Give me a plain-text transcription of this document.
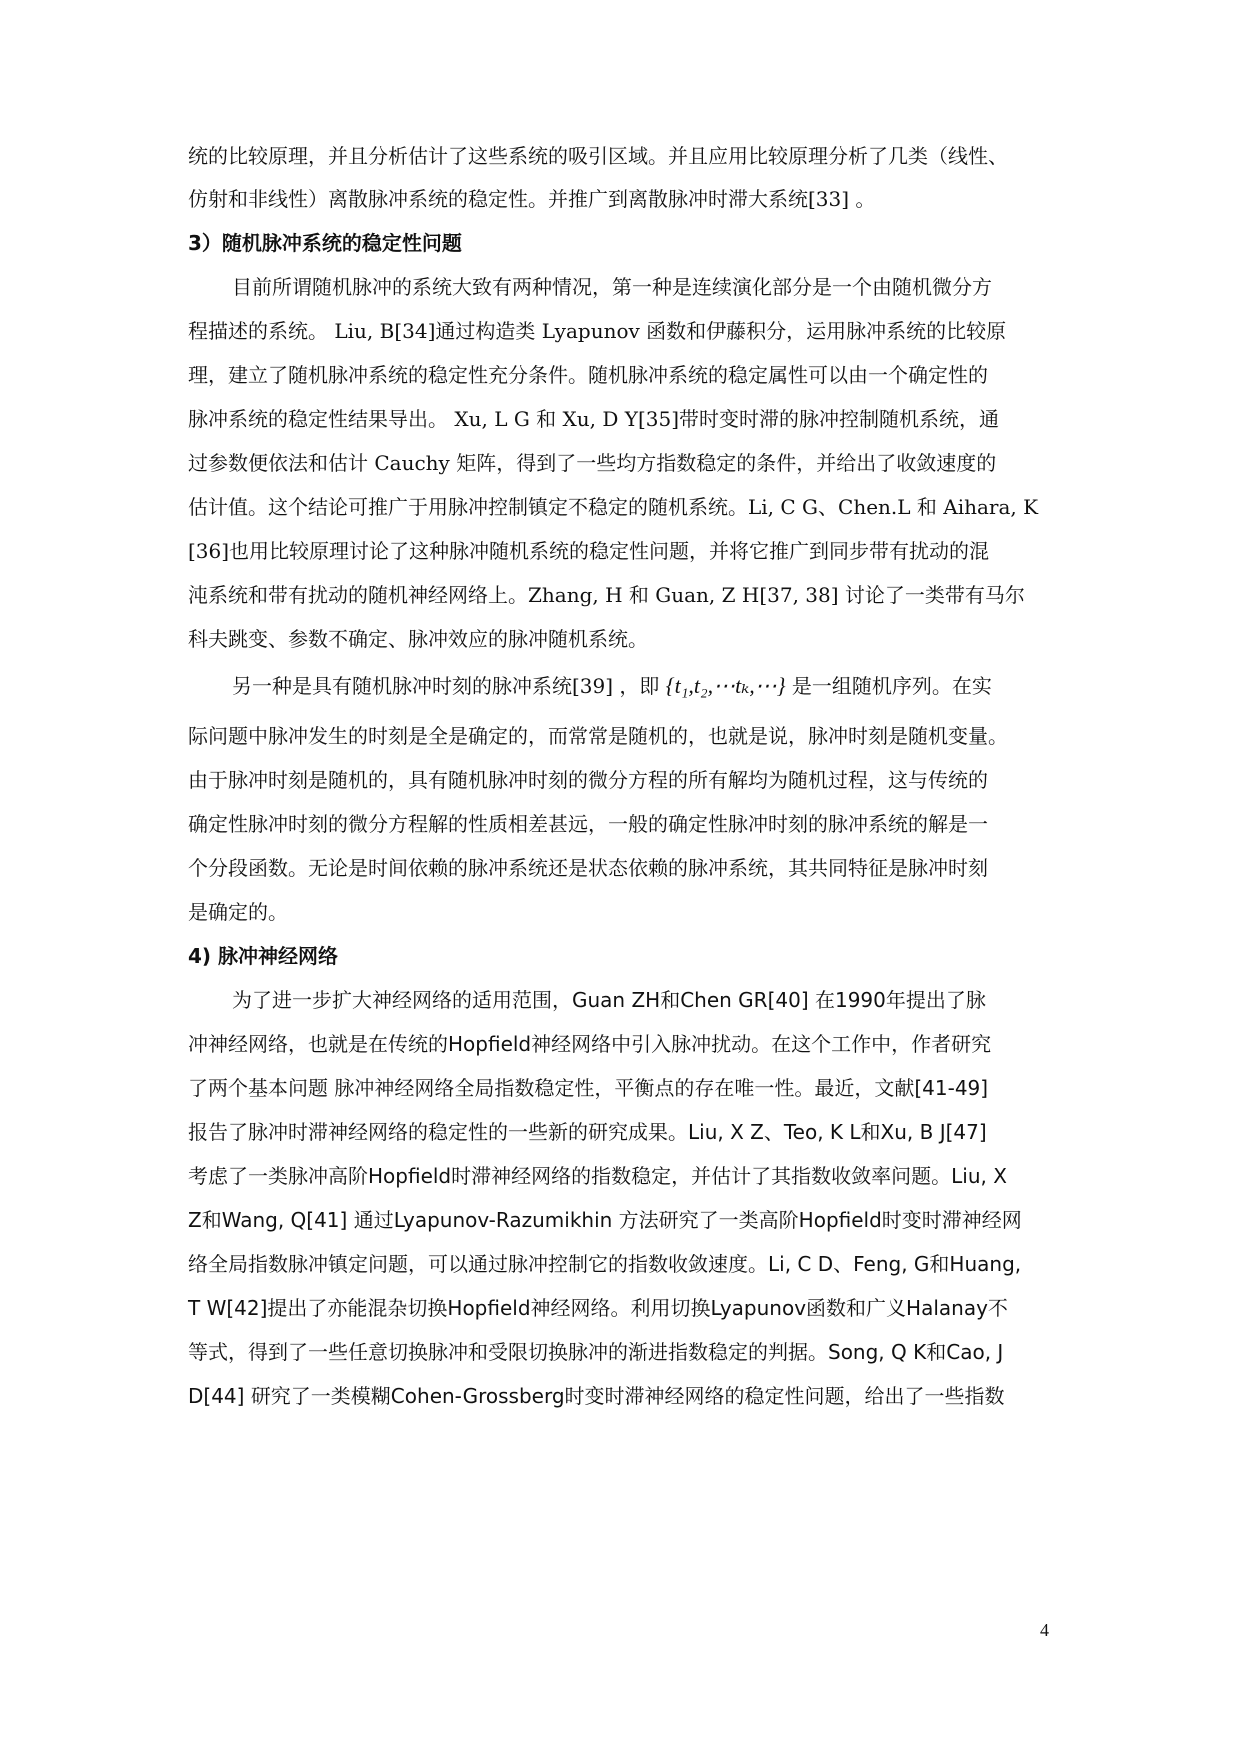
统的比较原理，并且分析估计了这些系统的吸引区域。并且应用比较原理分析了几类（线性、
仿射和非线性）离散脉冲系统的稳定性。并推广到离散脉冲时滞大系统[33] 。
3）随机脉冲系统的稳定性问题
目前所谓随机脉冲的系统大致有两种情况，第一种是连续演化部分是一个由随机微分方
程描述的系统。 Liu, B[34]通过构造类 Lyapunov 函数和伊藤积分，运用脉冲系统的比较原
理，建立了随机脉冲系统的稳定性充分条件。随机脉冲系统的稳定属性可以由一个确定性的
脉冲系统的稳定性结果导出。 Xu, L G 和 Xu, D Y[35]带时变时滞的脉冲控制随机系统，通
过参数便依法和估计 Cauchy 矩阵，得到了一些均方指数稳定的条件，并给出了收敛速度的
估计值。这个结论可推广于用脉冲控制镇定不稳定的随机系统。Li, C G、Chen.L 和 Aihara, K
[36]也用比较原理讨论了这种脉冲随机系统的稳定性问题，并将它推广到同步带有扰动的混
沌系统和带有扰动的随机神经网络上。Zhang, H 和 Guan, Z H[37, 38] 讨论了一类带有马尔
科夫跳变、参数不确定、脉冲效应的脉冲随机系统。
另一种是具有随机脉冲时刻的脉冲系统[39] ，即 {t₁,t₂,⋯tₖ,⋯} 是一组随机序列。在实
际问题中脉冲发生的时刻是全是确定的，而常常是随机的，也就是说，脉冲时刻是随机变量。
由于脉冲时刻是随机的，具有随机脉冲时刻的微分方程的所有解均为随机过程，这与传统的
确定性脉冲时刻的微分方程解的性质相差甚远，一般的确定性脉冲时刻的脉冲系统的解是一
个分段函数。无论是时间依赖的脉冲系统还是状态依赖的脉冲系统，其共同特征是脉冲时刻
是确定的。
4) 脉冲神经网络
为了进一步扩大神经网络的适用范围，Guan ZH和Chen GR[40] 在1990年提出了脉
冲神经网络，也就是在传统的Hopfield神经网络中引入脉冲扰动。在这个工作中，作者研究
了两个基本问题 脉冲神经网络全局指数稳定性，平衡点的存在唯一性。最近，文献[41-49]
报告了脉冲时滞神经网络的稳定性的一些新的研究成果。Liu, X Z、Teo, K L和Xu, B J[47]
考虑了一类脉冲高阶Hopfield时滞神经网络的指数稳定，并估计了其指数收敛率问题。Liu, X
Z和Wang, Q[41] 通过Lyapunov-Razumikhin 方法研究了一类高阶Hopfield时变时滞神经网
络全局指数脉冲镇定问题，可以通过脉冲控制它的指数收敛速度。Li, C D、Feng, G和Huang,
T W[42]提出了亦能混杂切换Hopfield神经网络。利用切换Lyapunov函数和广义Halanay不
等式，得到了一些任意切换脉冲和受限切换脉冲的渐进指数稳定的判据。Song, Q K和Cao, J
D[44] 研究了一类模糊Cohen-Grossberg时变时滞神经网络的稳定性问题，给出了一些指数
4
